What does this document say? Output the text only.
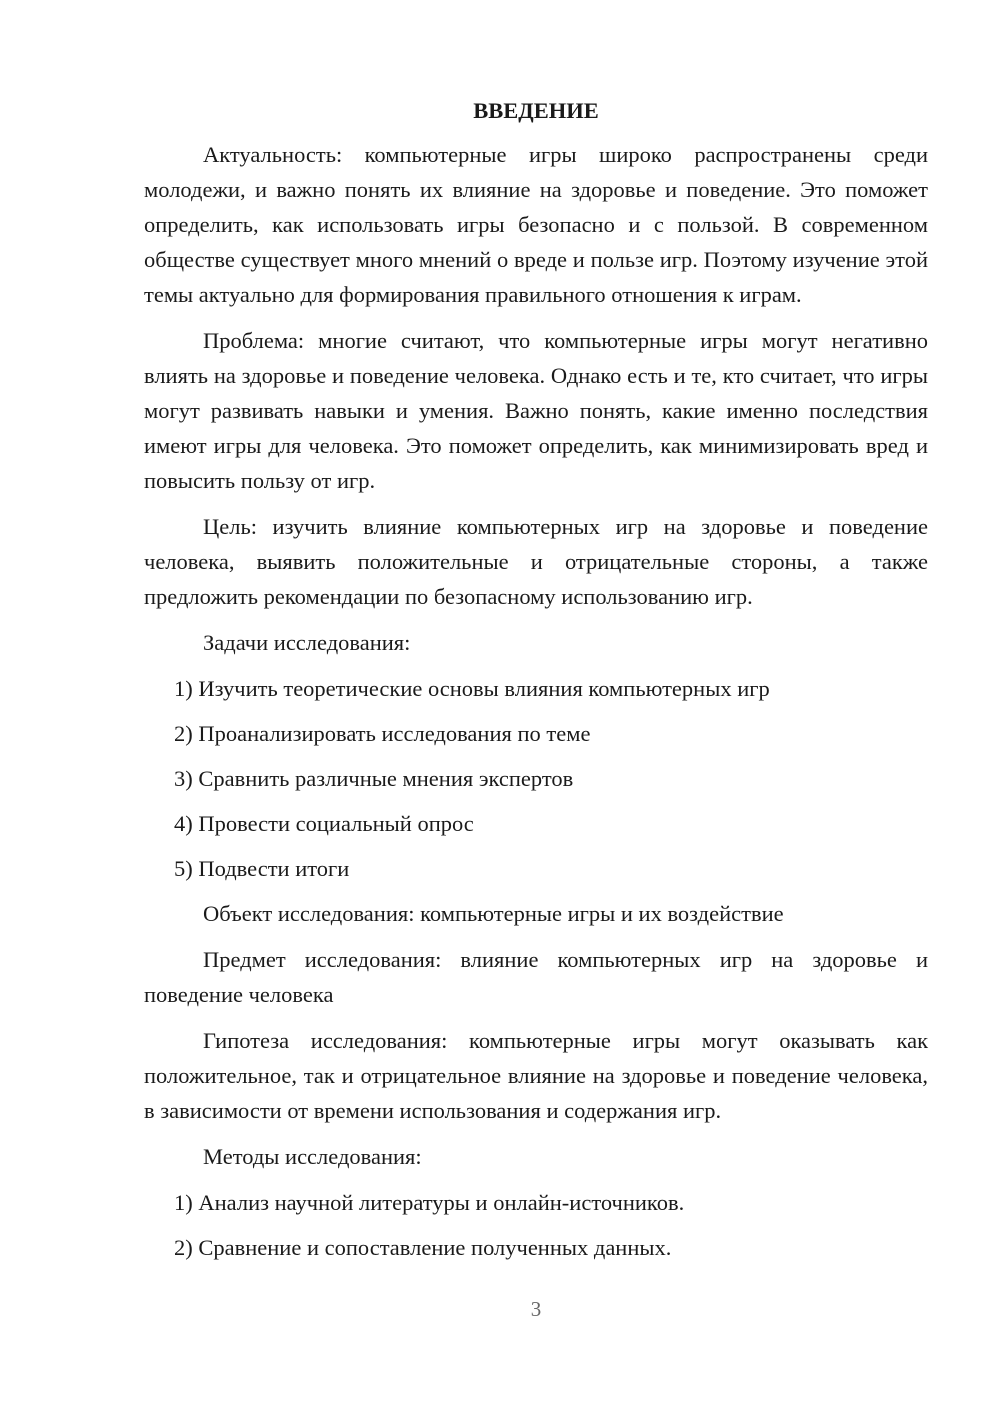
ВВЕДЕНИЕ

Актуальность: компьютерные игры широко распространены среди молодежи, и важно понять их влияние на здоровье и поведение. Это поможет определить, как использовать игры безопасно и с пользой. В современном обществе существует много мнений о вреде и пользе игр. Поэтому изучение этой темы актуально для формирования правильного отношения к играм.

Проблема: многие считают, что компьютерные игры могут негативно влиять на здоровье и поведение человека. Однако есть и те, кто считает, что игры могут развивать навыки и умения. Важно понять, какие именно последствия имеют игры для человека. Это поможет определить, как минимизировать вред и повысить пользу от игр.

Цель: изучить влияние компьютерных игр на здоровье и поведение человека, выявить положительные и отрицательные стороны, а также предложить рекомендации по безопасному использованию игр.

Задачи исследования:

1) Изучить теоретические основы влияния компьютерных игр
2) Проанализировать исследования по теме
3) Сравнить различные мнения экспертов
4) Провести социальный опрос
5) Подвести итоги

Объект исследования: компьютерные игры и их воздействие

Предмет исследования: влияние компьютерных игр на здоровье и поведение человека

Гипотеза исследования: компьютерные игры могут оказывать как положительное, так и отрицательное влияние на здоровье и поведение человека, в зависимости от времени использования и содержания игр.

Методы исследования:

1) Анализ научной литературы и онлайн-источников.
2) Сравнение и сопоставление полученных данных.
3
